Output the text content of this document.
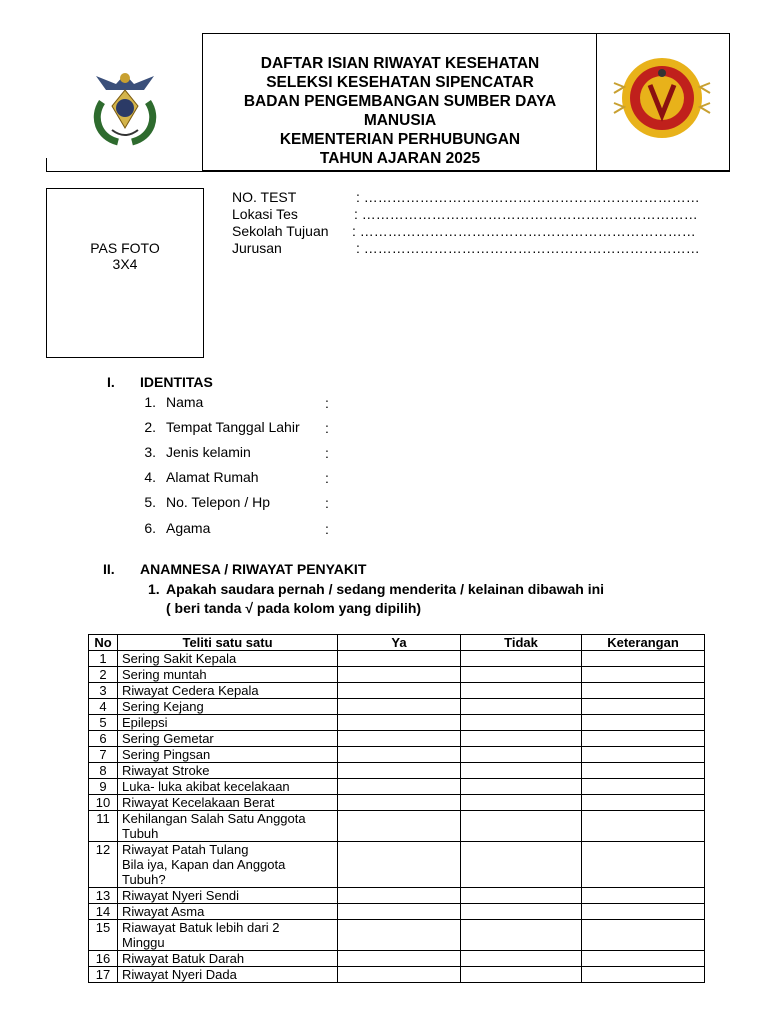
DAFTAR ISIAN RIWAYAT KESEHATAN
SELEKSI KESEHATAN SIPENCATAR
BADAN PENGEMBANGAN SUMBER DAYA
MANUSIA
KEMENTERIAN PERHUBUNGAN
TAHUN AJARAN 2025
PAS FOTO
3X4
NO. TEST	: ………………………………………………………………
Lokasi Tes	: ………………………………………………………………
Sekolah Tujuan : ………………………………………………………………
Jurusan	: ………………………………………………………………
I. IDENTITAS
1. Nama	:
2. Tempat Tanggal Lahir :
3. Jenis kelamin	:
4. Alamat Rumah	:
5. No. Telepon / Hp	:
6. Agama	:
II. ANAMNESA / RIWAYAT PENYAKIT
1. Apakah saudara pernah / sedang menderita / kelainan dibawah ini
( beri tanda √ pada kolom yang dipilih)
No	Teliti satu satu	Ya	Tidak	Keterangan
1	Sering Sakit Kepala			

2	Sering muntah			

3	Riwayat Cedera Kepala			

4	Sering Kejang			

5	Epilepsi			

6	Sering Gemetar			

7	Sering Pingsan			

8	Riwayat Stroke			

9	Luka- luka akibat kecelakaan			

10	Riwayat Kecelakaan Berat			

11	Kehilangan Salah Satu Anggota
Tubuh			

12	Riwayat Patah Tulang
Bila iya, Kapan dan Anggota
Tubuh?			

13	Riwayat Nyeri Sendi			

14	Riwayat Asma			

15	Riawayat Batuk lebih dari 2
Minggu			

16	Riwayat Batuk Darah			

17	Riwayat Nyeri Dada			
